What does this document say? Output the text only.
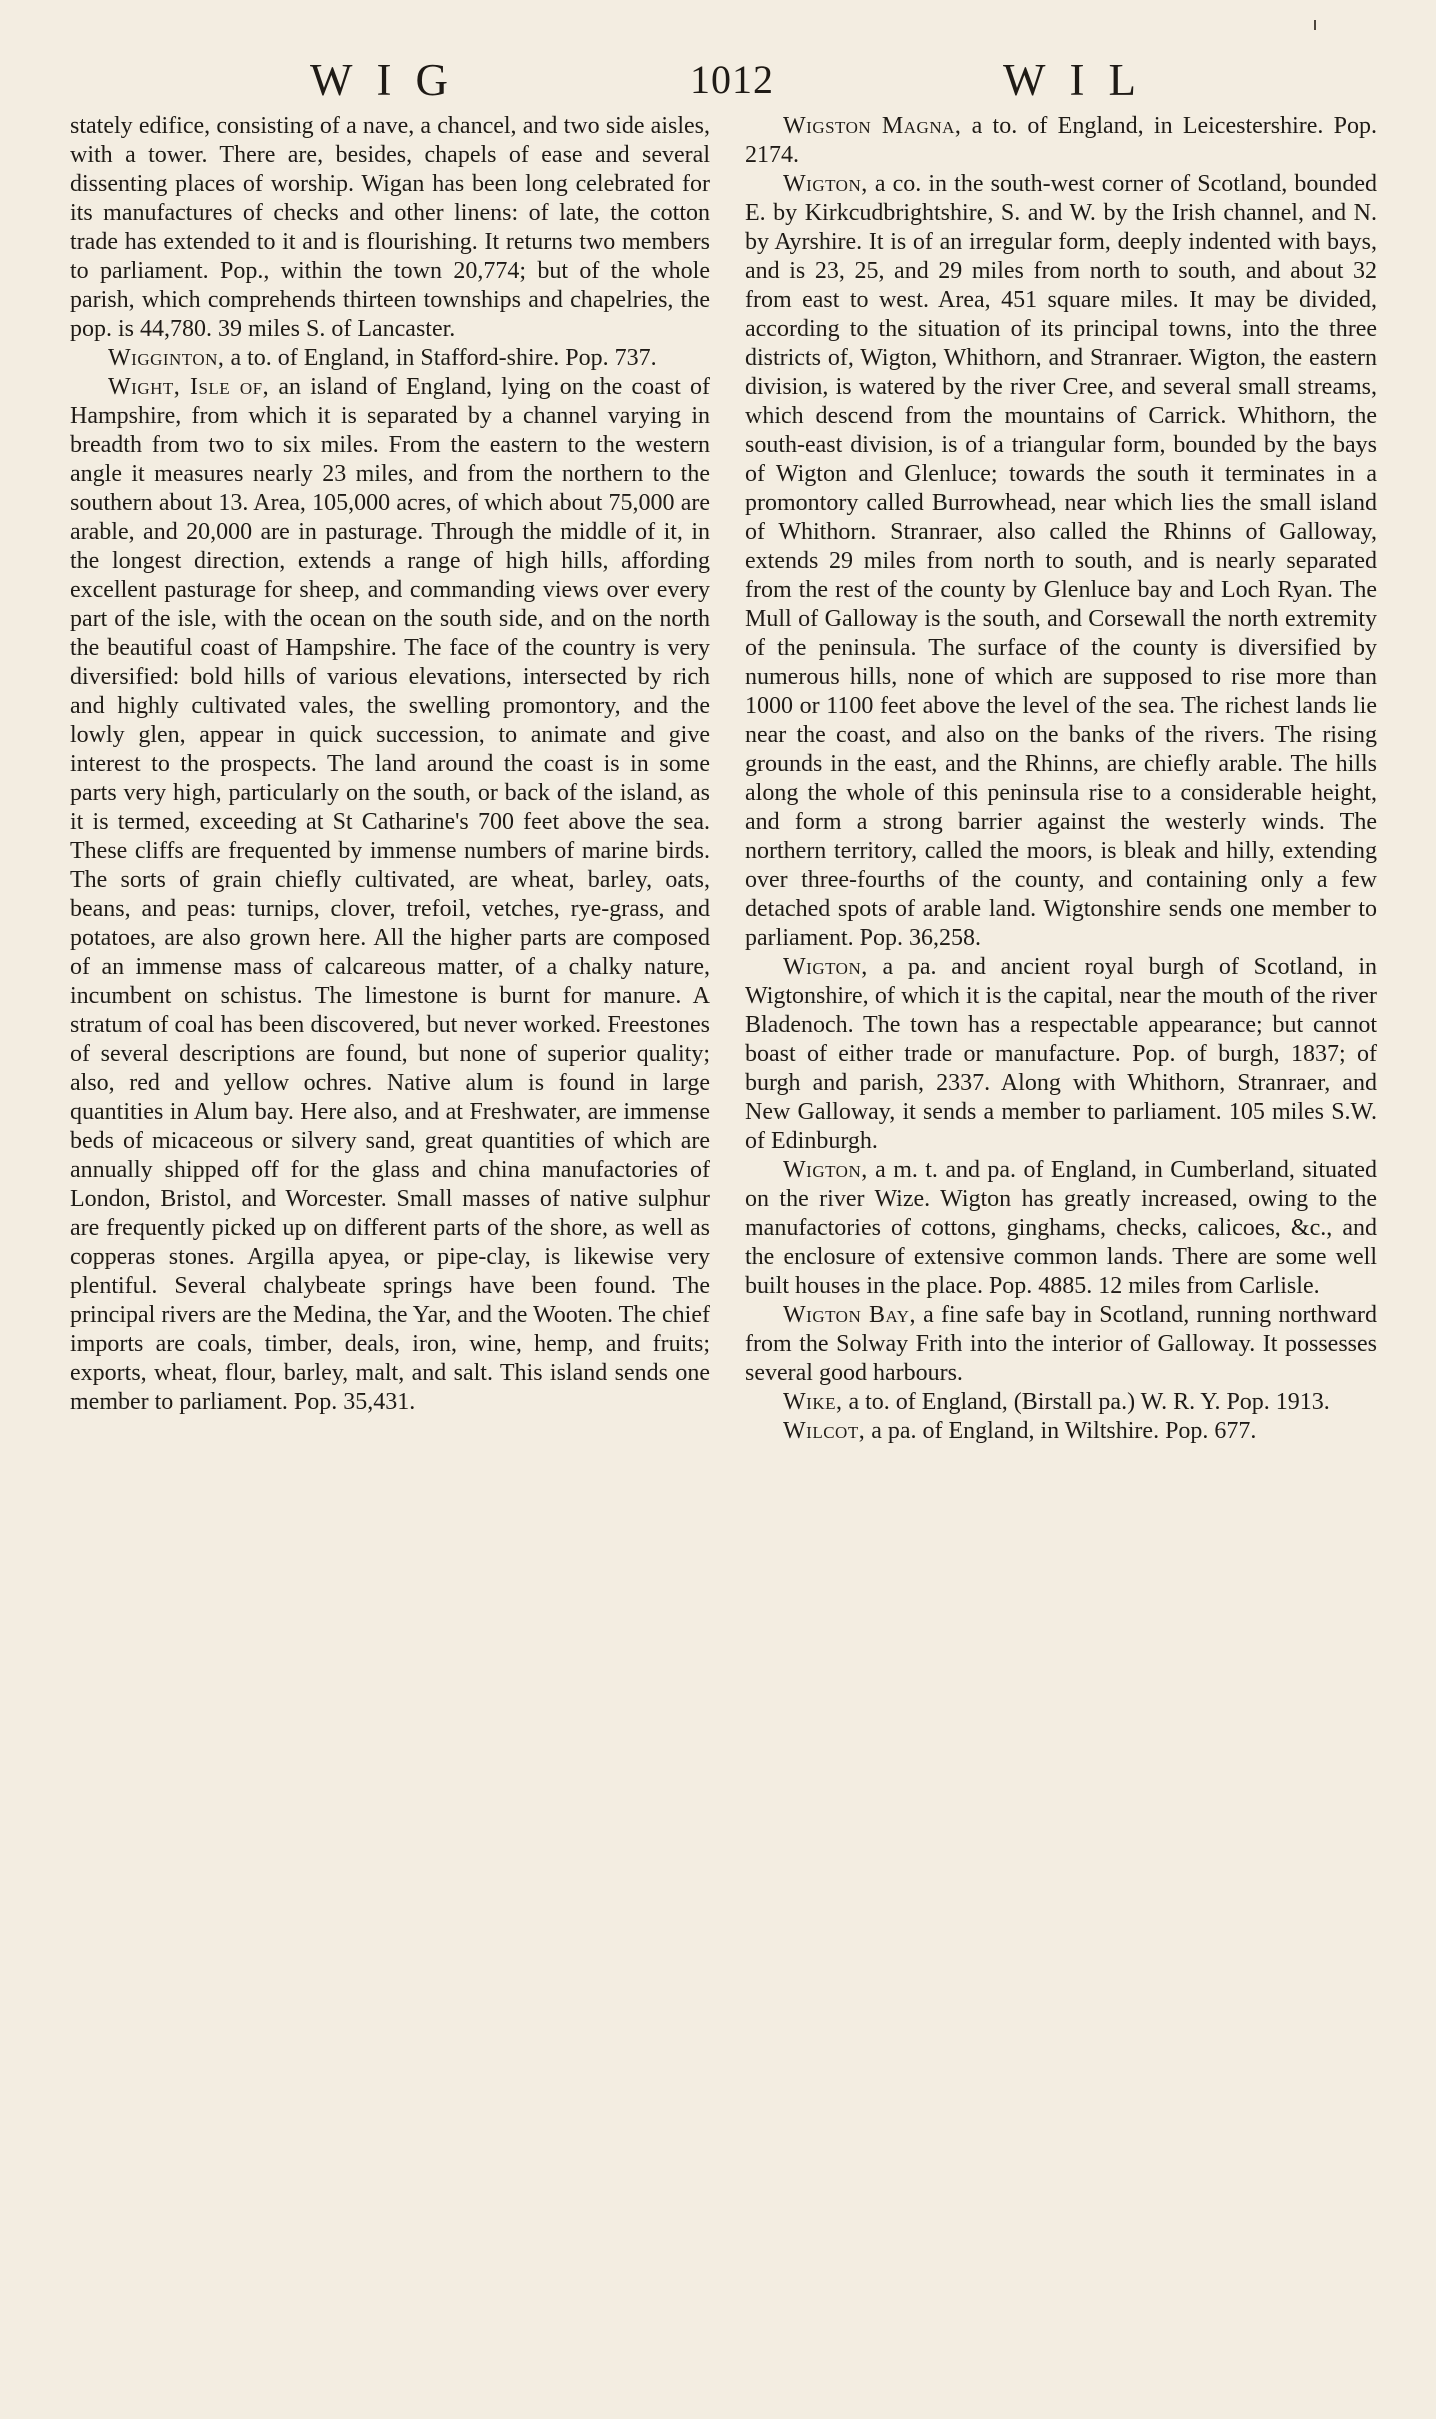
WIG	1012	WIL

stately edifice, consisting of a nave, a chancel, and two side aisles, with a tower. There are, besides, chapels of ease and several dissenting places of worship. Wigan has been long celebrated for its manufactures of checks and other linens: of late, the cotton trade has extended to it and is flourishing. It returns two members to parliament. Pop., within the town 20,774; but of the whole parish, which comprehends thirteen townships and chapelries, the pop. is 44,780. 39 miles S. of Lancaster.

Wigginton, a to. of England, in Stafford-shire. Pop. 737.

Wight, Isle of, an island of England, lying on the coast of Hampshire, from which it is separated by a channel varying in breadth from two to six miles. From the eastern to the western angle it measures nearly 23 miles, and from the northern to the southern about 13. Area, 105,000 acres, of which about 75,000 are arable, and 20,000 are in pasturage. Through the middle of it, in the longest direction, extends a range of high hills, affording excellent pasturage for sheep, and commanding views over every part of the isle, with the ocean on the south side, and on the north the beautiful coast of Hampshire. The face of the country is very diversified: bold hills of various elevations, intersected by rich and highly cultivated vales, the swelling promontory, and the lowly glen, appear in quick succession, to animate and give interest to the prospects. The land around the coast is in some parts very high, particularly on the south, or back of the island, as it is termed, exceeding at St Catharine's 700 feet above the sea. These cliffs are frequented by immense numbers of marine birds. The sorts of grain chiefly cultivated, are wheat, barley, oats, beans, and peas: turnips, clover, trefoil, vetches, rye-grass, and potatoes, are also grown here. All the higher parts are composed of an immense mass of calcareous matter, of a chalky nature, incumbent on schistus. The limestone is burnt for manure. A stratum of coal has been discovered, but never worked. Freestones of several descriptions are found, but none of superior quality; also, red and yellow ochres. Native alum is found in large quantities in Alum bay. Here also, and at Freshwater, are immense beds of micaceous or silvery sand, great quantities of which are annually shipped off for the glass and china manufactories of London, Bristol, and Worcester. Small masses of native sulphur are frequently picked up on different parts of the shore, as well as copperas stones. Argilla apyea, or pipe-clay, is likewise very plentiful. Several chalybeate springs have been found. The principal rivers are the Medina, the Yar, and the Wooten. The chief imports are coals, timber, deals, iron, wine, hemp, and fruits; exports, wheat, flour, barley, malt, and salt. This island sends one member to parliament. Pop. 35,431.

Wigston Magna, a to. of England, in Leicestershire. Pop. 2174.

Wigton, a co. in the south-west corner of Scotland, bounded E. by Kirkcudbrightshire, S. and W. by the Irish channel, and N. by Ayrshire. It is of an irregular form, deeply indented with bays, and is 23, 25, and 29 miles from north to south, and about 32 from east to west. Area, 451 square miles. It may be divided, according to the situation of its principal towns, into the three districts of, Wigton, Whithorn, and Stranraer. Wigton, the eastern division, is watered by the river Cree, and several small streams, which descend from the mountains of Carrick. Whithorn, the south-east division, is of a triangular form, bounded by the bays of Wigton and Glenluce; towards the south it terminates in a promontory called Burrowhead, near which lies the small island of Whithorn. Stranraer, also called the Rhinns of Galloway, extends 29 miles from north to south, and is nearly separated from the rest of the county by Glenluce bay and Loch Ryan. The Mull of Galloway is the south, and Corsewall the north extremity of the peninsula. The surface of the county is diversified by numerous hills, none of which are supposed to rise more than 1000 or 1100 feet above the level of the sea. The richest lands lie near the coast, and also on the banks of the rivers. The rising grounds in the east, and the Rhinns, are chiefly arable. The hills along the whole of this peninsula rise to a considerable height, and form a strong barrier against the westerly winds. The northern territory, called the moors, is bleak and hilly, extending over three-fourths of the county, and containing only a few detached spots of arable land. Wigtonshire sends one member to parliament. Pop. 36,258.

Wigton, a pa. and ancient royal burgh of Scotland, in Wigtonshire, of which it is the capital, near the mouth of the river Bladenoch. The town has a respectable appearance; but cannot boast of either trade or manufacture. Pop. of burgh, 1837; of burgh and parish, 2337. Along with Whithorn, Stranraer, and New Galloway, it sends a member to parliament. 105 miles S.W. of Edinburgh.

Wigton, a m. t. and pa. of England, in Cumberland, situated on the river Wize. Wigton has greatly increased, owing to the manufactories of cottons, ginghams, checks, calicoes, &c., and the enclosure of extensive common lands. There are some well built houses in the place. Pop. 4885. 12 miles from Carlisle.

Wigton Bay, a fine safe bay in Scotland, running northward from the Solway Frith into the interior of Galloway. It possesses several good harbours.

Wike, a to. of England, (Birstall pa.) W. R. Y. Pop. 1913.

Wilcot, a pa. of England, in Wiltshire. Pop. 677.
